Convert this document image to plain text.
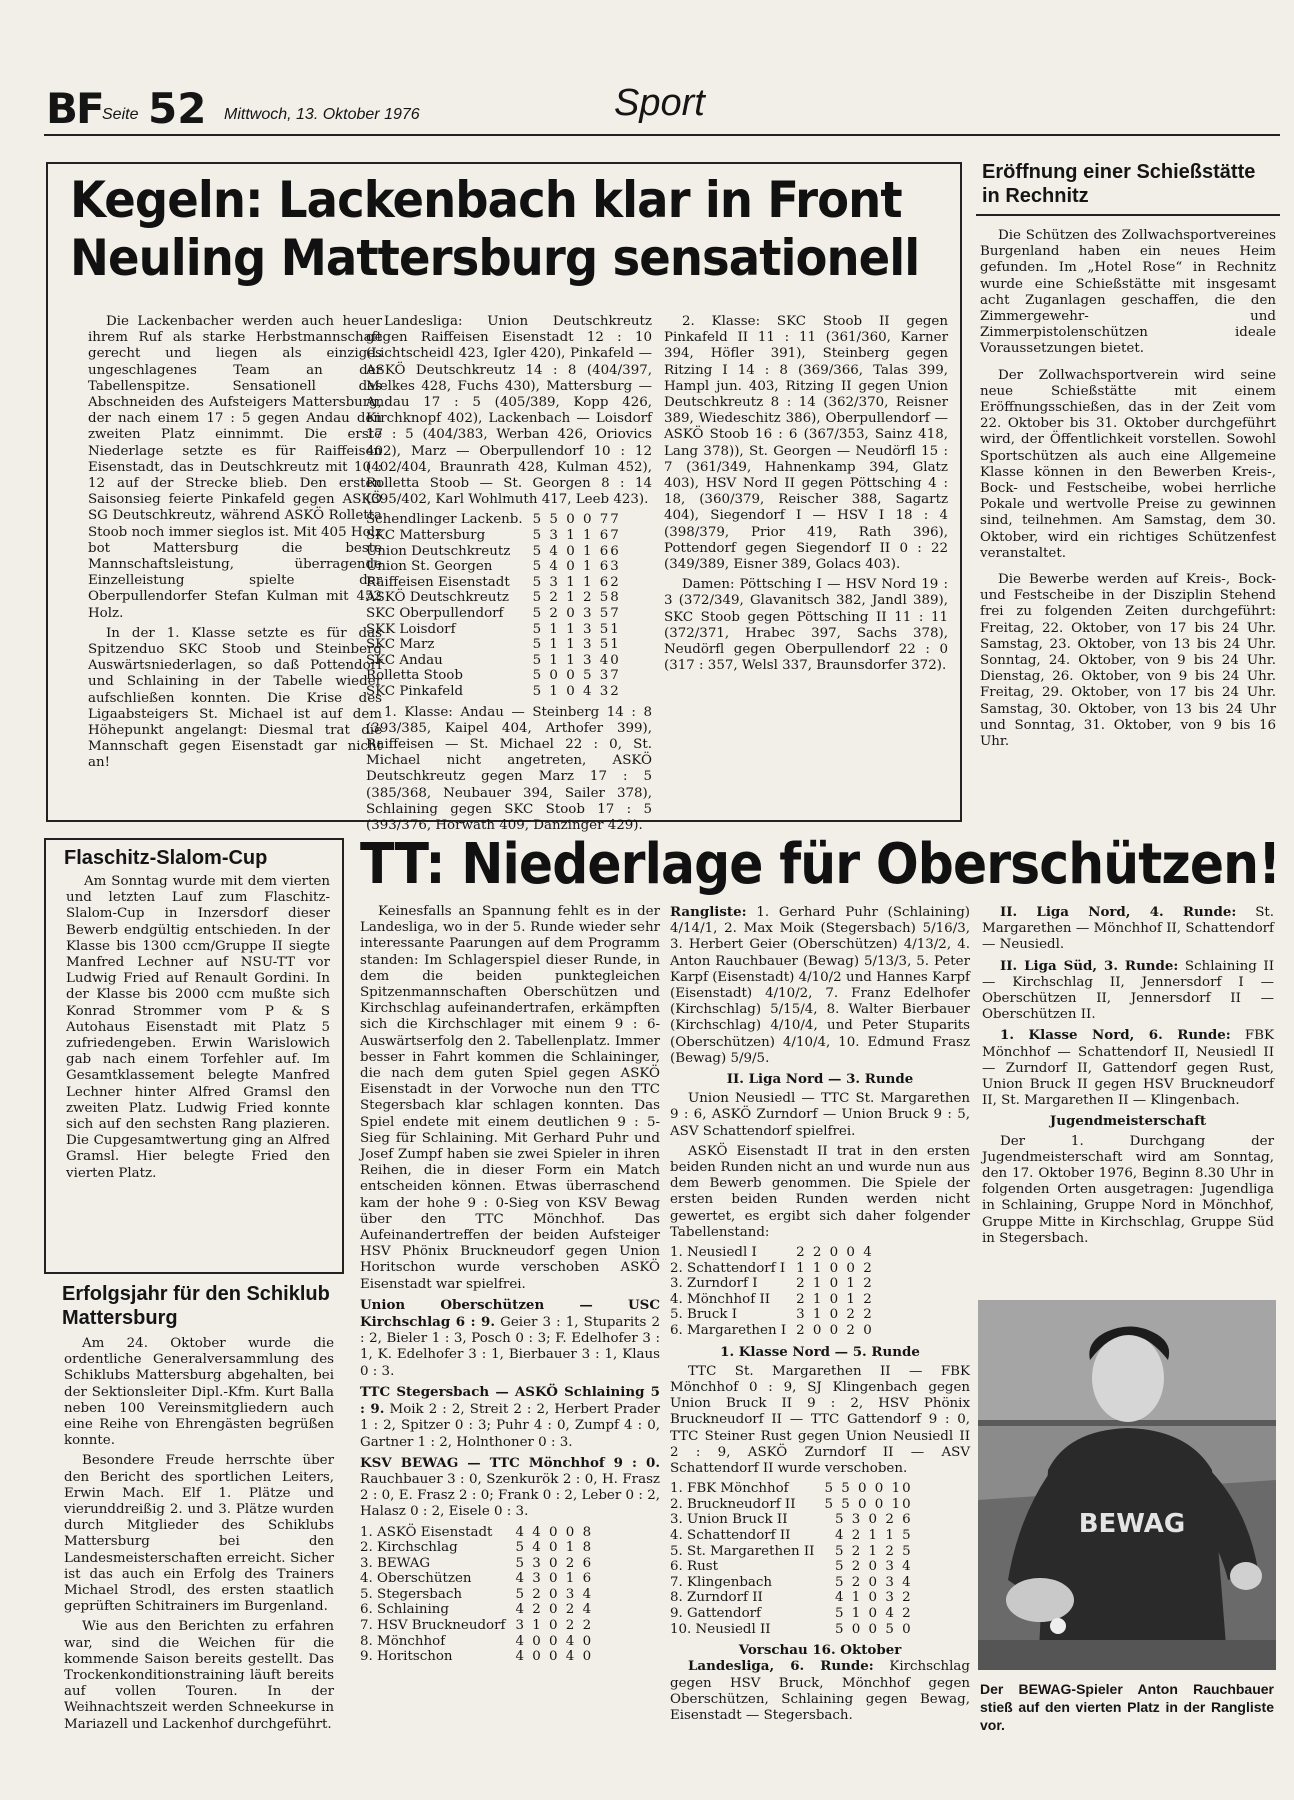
BF Seite 52 Mittwoch, 13. Oktober 1976	Sport
Kegeln: Lackenbach klar in Front
Neuling Mattersburg sensationell

Die Lackenbacher werden auch heuer ihrem Ruf als starke Herbstmannschaft gerecht und liegen als einziges ungeschlagenes Team an der Tabellenspitze. Sensationell das Abschneiden des Aufsteigers Mattersburg, der nach einem 17 : 5 gegen Andau den zweiten Platz einnimmt. Die erste Niederlage setzte es für Raiffeisen Eisenstadt, das in Deutschkreutz mit 10 : 12 auf der Strecke blieb. Den ersten Saisonsieg feierte Pinkafeld gegen ASKÖ SG Deutschkreutz, während ASKÖ Rolletta Stoob noch immer sieglos ist. Mit 405 Holz bot Mattersburg die beste Mannschaftsleistung, überragende Einzelleistung spielte der Oberpullendorfer Stefan Kulman mit 452 Holz.

In der 1. Klasse setzte es für das Spitzenduo SKC Stoob und Steinberg Auswärtsniederlagen, so daß Pottendorf und Schlaining in der Tabelle wieder aufschließen konnten. Die Krise des Ligaabsteigers St. Michael ist auf dem Höhepunkt angelangt: Diesmal trat die Mannschaft gegen Eisenstadt gar nicht an!

Landesliga: Union Deutschkreutz gegen Raiffeisen Eisenstadt 12 : 10 (Lichtscheidl 423, Igler 420), Pinkafeld — ASKÖ Deutschkreutz 14 : 8 (404/397, Melkes 428, Fuchs 430), Mattersburg — Andau 17 : 5 (405/389, Kopp 426, Kirchknopf 402), Lackenbach — Loisdorf 17 : 5 (404/383, Werban 426, Oriovics 402), Marz — Oberpullendorf 10 : 12 (402/404, Braunrath 428, Kulman 452), Rolletta Stoob — St. Georgen 8 : 14 (395/402, Karl Wohlmuth 417, Leeb 423).

Schendlinger Lackenb.	5 5 0 0 77
SKC Mattersburg	5 3 1 1 67
Union Deutschkreutz	5 4 0 1 66
Union St. Georgen	5 4 0 1 63
Raiffeisen Eisenstadt	5 3 1 1 62
ASKÖ Deutschkreutz	5 2 1 2 58
SKC Oberpullendorf	5 2 0 3 57
SKK Loisdorf	5 1 1 3 51
SKC Marz	5 1 1 3 51
SKC Andau	5 1 1 3 40
Rolletta Stoob	5 0 0 5 37
SKC Pinkafeld	5 1 0 4 32

1. Klasse: Andau — Steinberg 14 : 8 (393/385, Kaipel 404, Arthofer 399), Raiffeisen — St. Michael 22 : 0, St. Michael nicht angetreten, ASKÖ Deutschkreutz gegen Marz 17 : 5 (385/368, Neubauer 394, Sailer 378), Schlaining gegen SKC Stoob 17 : 5 (393/376, Horwath 409, Danzinger 429).

2. Klasse: SKC Stoob II gegen Pinkafeld II 11 : 11 (361/360, Karner 394, Höfler 391), Steinberg gegen Ritzing I 14 : 8 (369/366, Talas 399, Hampl jun. 403, Ritzing II gegen Union Deutschkreutz 8 : 14 (362/370, Reisner 389, Wiedeschitz 386), Oberpullendorf — ASKÖ Stoob 16 : 6 (367/353, Sainz 418, Lang 378)), St. Georgen — Neudörfl 15 : 7 (361/349, Hahnenkamp 394, Glatz 403), HSV Nord II gegen Pöttsching 4 : 18, (360/379, Reischer 388, Sagartz 404), Siegendorf I — HSV I 18 : 4 (398/379, Prior 419, Rath 396), Pottendorf gegen Siegendorf II 0 : 22 (349/389, Eisner 389, Golacs 403).

Damen: Pöttsching I — HSV Nord 19 : 3 (372/349, Glavanitsch 382, Jandl 389), SKC Stoob gegen Pöttsching II 11 : 11 (372/371, Hrabec 397, Sachs 378), Neudörfl gegen Oberpullendorf 22 : 0 (317 : 357, Welsl 337, Braunsdorfer 372).

Eröffnung einer Schießstätte in Rechnitz

Die Schützen des Zollwachsportvereines Burgenland haben ein neues Heim gefunden. Im „Hotel Rose“ in Rechnitz wurde eine Schießstätte mit insgesamt acht Zuganlagen geschaffen, die den Zimmergewehr- und Zimmerpistolenschützen ideale Voraussetzungen bietet.

Der Zollwachsportverein wird seine neue Schießstätte mit einem Eröffnungsschießen, das in der Zeit vom 22. Oktober bis 31. Oktober durchgeführt wird, der Öffentlichkeit vorstellen. Sowohl Sportschützen als auch eine Allgemeine Klasse können in den Bewerben Kreis-, Bock- und Festscheibe, wobei herrliche Pokale und wertvolle Preise zu gewinnen sind, teilnehmen. Am Samstag, dem 30. Oktober, wird ein richtiges Schützenfest veranstaltet.

Die Bewerbe werden auf Kreis-, Bock- und Festscheibe in der Disziplin Stehend frei zu folgenden Zeiten durchgeführt: Freitag, 22. Oktober, von 17 bis 24 Uhr. Samstag, 23. Oktober, von 13 bis 24 Uhr. Sonntag, 24. Oktober, von 9 bis 24 Uhr. Dienstag, 26. Oktober, von 9 bis 24 Uhr. Freitag, 29. Oktober, von 17 bis 24 Uhr. Samstag, 30. Oktober, von 13 bis 24 Uhr und Sonntag, 31. Oktober, von 9 bis 16 Uhr.

Flaschitz-Slalom-Cup

Am Sonntag wurde mit dem vierten und letzten Lauf zum Flaschitz-Slalom-Cup in Inzersdorf dieser Bewerb endgültig entschieden. In der Klasse bis 1300 ccm/Gruppe II siegte Manfred Lechner auf NSU-TT vor Ludwig Fried auf Renault Gordini. In der Klasse bis 2000 ccm mußte sich Konrad Strommer vom P & S Autohaus Eisenstadt mit Platz 5 zufriedengeben. Erwin Warislowich gab nach einem Torfehler auf. Im Gesamtklassement belegte Manfred Lechner hinter Alfred Gramsl den zweiten Platz. Ludwig Fried konnte sich auf den sechsten Rang plazieren. Die Cupgesamtwertung ging an Alfred Gramsl. Hier belegte Fried den vierten Platz.

Erfolgsjahr für den Schiklub Mattersburg

Am 24. Oktober wurde die ordentliche Generalversammlung des Schiklubs Mattersburg abgehalten, bei der Sektionsleiter Dipl.-Kfm. Kurt Balla neben 100 Vereinsmitgliedern auch eine Reihe von Ehrengästen begrüßen konnte.

Besondere Freude herrschte über den Bericht des sportlichen Leiters, Erwin Mach. Elf 1. Plätze und vierunddreißig 2. und 3. Plätze wurden durch Mitglieder des Schiklubs Mattersburg bei den Landesmeisterschaften erreicht. Sicher ist das auch ein Erfolg des Trainers Michael Strodl, des ersten staatlich geprüften Schitrainers im Burgenland.

Wie aus den Berichten zu erfahren war, sind die Weichen für die kommende Saison bereits gestellt. Das Trockenkonditionstraining läuft bereits auf vollen Touren. In der Weihnachtszeit werden Schneekurse in Mariazell und Lackenhof durchgeführt.

TT: Niederlage für Oberschützen!

Keinesfalls an Spannung fehlt es in der Landesliga, wo in der 5. Runde wieder sehr interessante Paarungen auf dem Programm standen: Im Schlagerspiel dieser Runde, in dem die beiden punktegleichen Spitzenmannschaften Oberschützen und Kirchschlag aufeinandertrafen, erkämpften sich die Kirchschlager mit einem 9 : 6-Auswärtserfolg den 2. Tabellenplatz. Immer besser in Fahrt kommen die Schlaininger, die nach dem guten Spiel gegen ASKÖ Eisenstadt in der Vorwoche nun den TTC Stegersbach klar schlagen konnten. Das Spiel endete mit einem deutlichen 9 : 5-Sieg für Schlaining. Mit Gerhard Puhr und Josef Zumpf haben sie zwei Spieler in ihren Reihen, die in dieser Form ein Match entscheiden können. Etwas überraschend kam der hohe 9 : 0-Sieg von KSV Bewag über den TTC Mönchhof. Das Aufeinandertreffen der beiden Aufsteiger HSV Phönix Bruckneudorf gegen Union Horitschon wurde verschoben ASKÖ Eisenstadt war spielfrei.

Union Oberschützen — USC Kirchschlag 6 : 9. Geier 3 : 1, Stuparits 2 : 2, Bieler 1 : 3, Posch 0 : 3; F. Edelhofer 3 : 1, K. Edelhofer 3 : 1, Bierbauer 3 : 1, Klaus 0 : 3.

TTC Stegersbach — ASKÖ Schlaining 5 : 9. Moik 2 : 2, Streit 2 : 2, Herbert Prader 1 : 2, Spitzer 0 : 3; Puhr 4 : 0, Zumpf 4 : 0, Gartner 1 : 2, Holnthoner 0 : 3.

KSV BEWAG — TTC Mönchhof 9 : 0. Rauchbauer 3 : 0, Szenkurök 2 : 0, H. Frasz 2 : 0, E. Frasz 2 : 0; Frank 0 : 2, Leber 0 : 2, Halasz 0 : 2, Eisele 0 : 3.

1. ASKÖ Eisenstadt	4 4 0 0 8
2. Kirchschlag	5 4 0 1 8
3. BEWAG	5 3 0 2 6
4. Oberschützen	4 3 0 1 6
5. Stegersbach	5 2 0 3 4
6. Schlaining	4 2 0 2 4
7. HSV Bruckneudorf	3 1 0 2 2
8. Mönchhof	4 0 0 4 0
9. Horitschon	4 0 0 4 0

Rangliste: 1. Gerhard Puhr (Schlaining) 4/14/1, 2. Max Moik (Stegersbach) 5/16/3, 3. Herbert Geier (Oberschützen) 4/13/2, 4. Anton Rauchbauer (Bewag) 5/13/3, 5. Peter Karpf (Eisenstadt) 4/10/2 und Hannes Karpf (Eisenstadt) 4/10/2, 7. Franz Edelhofer (Kirchschlag) 5/15/4, 8. Walter Bierbauer (Kirchschlag) 4/10/4, und Peter Stuparits (Oberschützen) 4/10/4, 10. Edmund Frasz (Bewag) 5/9/5.

II. Liga Nord — 3. Runde

Union Neusiedl — TTC St. Margarethen 9 : 6, ASKÖ Zurndorf — Union Bruck 9 : 5, ASV Schattendorf spielfrei.

ASKÖ Eisenstadt II trat in den ersten beiden Runden nicht an und wurde nun aus dem Bewerb genommen. Die Spiele der ersten beiden Runden werden nicht gewertet, es ergibt sich daher folgender Tabellenstand:

1. Neusiedl I	2 2 0 0 4
2. Schattendorf I	1 1 0 0 2
3. Zurndorf I	2 1 0 1 2
4. Mönchhof II	2 1 0 1 2
5. Bruck I	3 1 0 2 2
6. Margarethen I	2 0 0 2 0

1. Klasse Nord — 5. Runde

TTC St. Margarethen II — FBK Mönchhof 0 : 9, SJ Klingenbach gegen Union Bruck II 9 : 2, HSV Phönix Bruckneudorf II — TTC Gattendorf 9 : 0, TTC Steiner Rust gegen Union Neusiedl II 2 : 9, ASKÖ Zurndorf II — ASV Schattendorf II wurde verschoben.

1. FBK Mönchhof	5 5 0 0 10
2. Bruckneudorf II	5 5 0 0 10
3. Union Bruck II	5 3 0 2 6
4. Schattendorf II	4 2 1 1 5
5. St. Margarethen II	5 2 1 2 5
6. Rust	5 2 0 3 4
7. Klingenbach	5 2 0 3 4
8. Zurndorf II	4 1 0 3 2
9. Gattendorf	5 1 0 4 2
10. Neusiedl II	5 0 0 5 0

Vorschau 16. Oktober

Landesliga, 6. Runde: Kirchschlag gegen HSV Bruck, Mönchhof gegen Oberschützen, Schlaining gegen Bewag, Eisenstadt — Stegersbach.

II. Liga Nord, 4. Runde: St. Margarethen — Mönchhof II, Schattendorf — Neusiedl.

II. Liga Süd, 3. Runde: Schlaining II — Kirchschlag II, Jennersdorf I — Oberschützen II, Jennersdorf II — Oberschützen II.

1. Klasse Nord, 6. Runde: FBK Mönchhof — Schattendorf II, Neusiedl II — Zurndorf II, Gattendorf gegen Rust, Union Bruck II gegen HSV Bruckneudorf II, St. Margarethen II — Klingenbach.

Jugendmeisterschaft

Der 1. Durchgang der Jugendmeisterschaft wird am Sonntag, den 17. Oktober 1976, Beginn 8.30 Uhr in folgenden Orten ausgetragen: Jugendliga in Schlaining, Gruppe Nord in Mönchhof, Gruppe Mitte in Kirchschlag, Gruppe Süd in Stegersbach.

BEWAG
Der BEWAG-Spieler Anton Rauchbauer stieß auf den vierten Platz in der Rangliste vor.
